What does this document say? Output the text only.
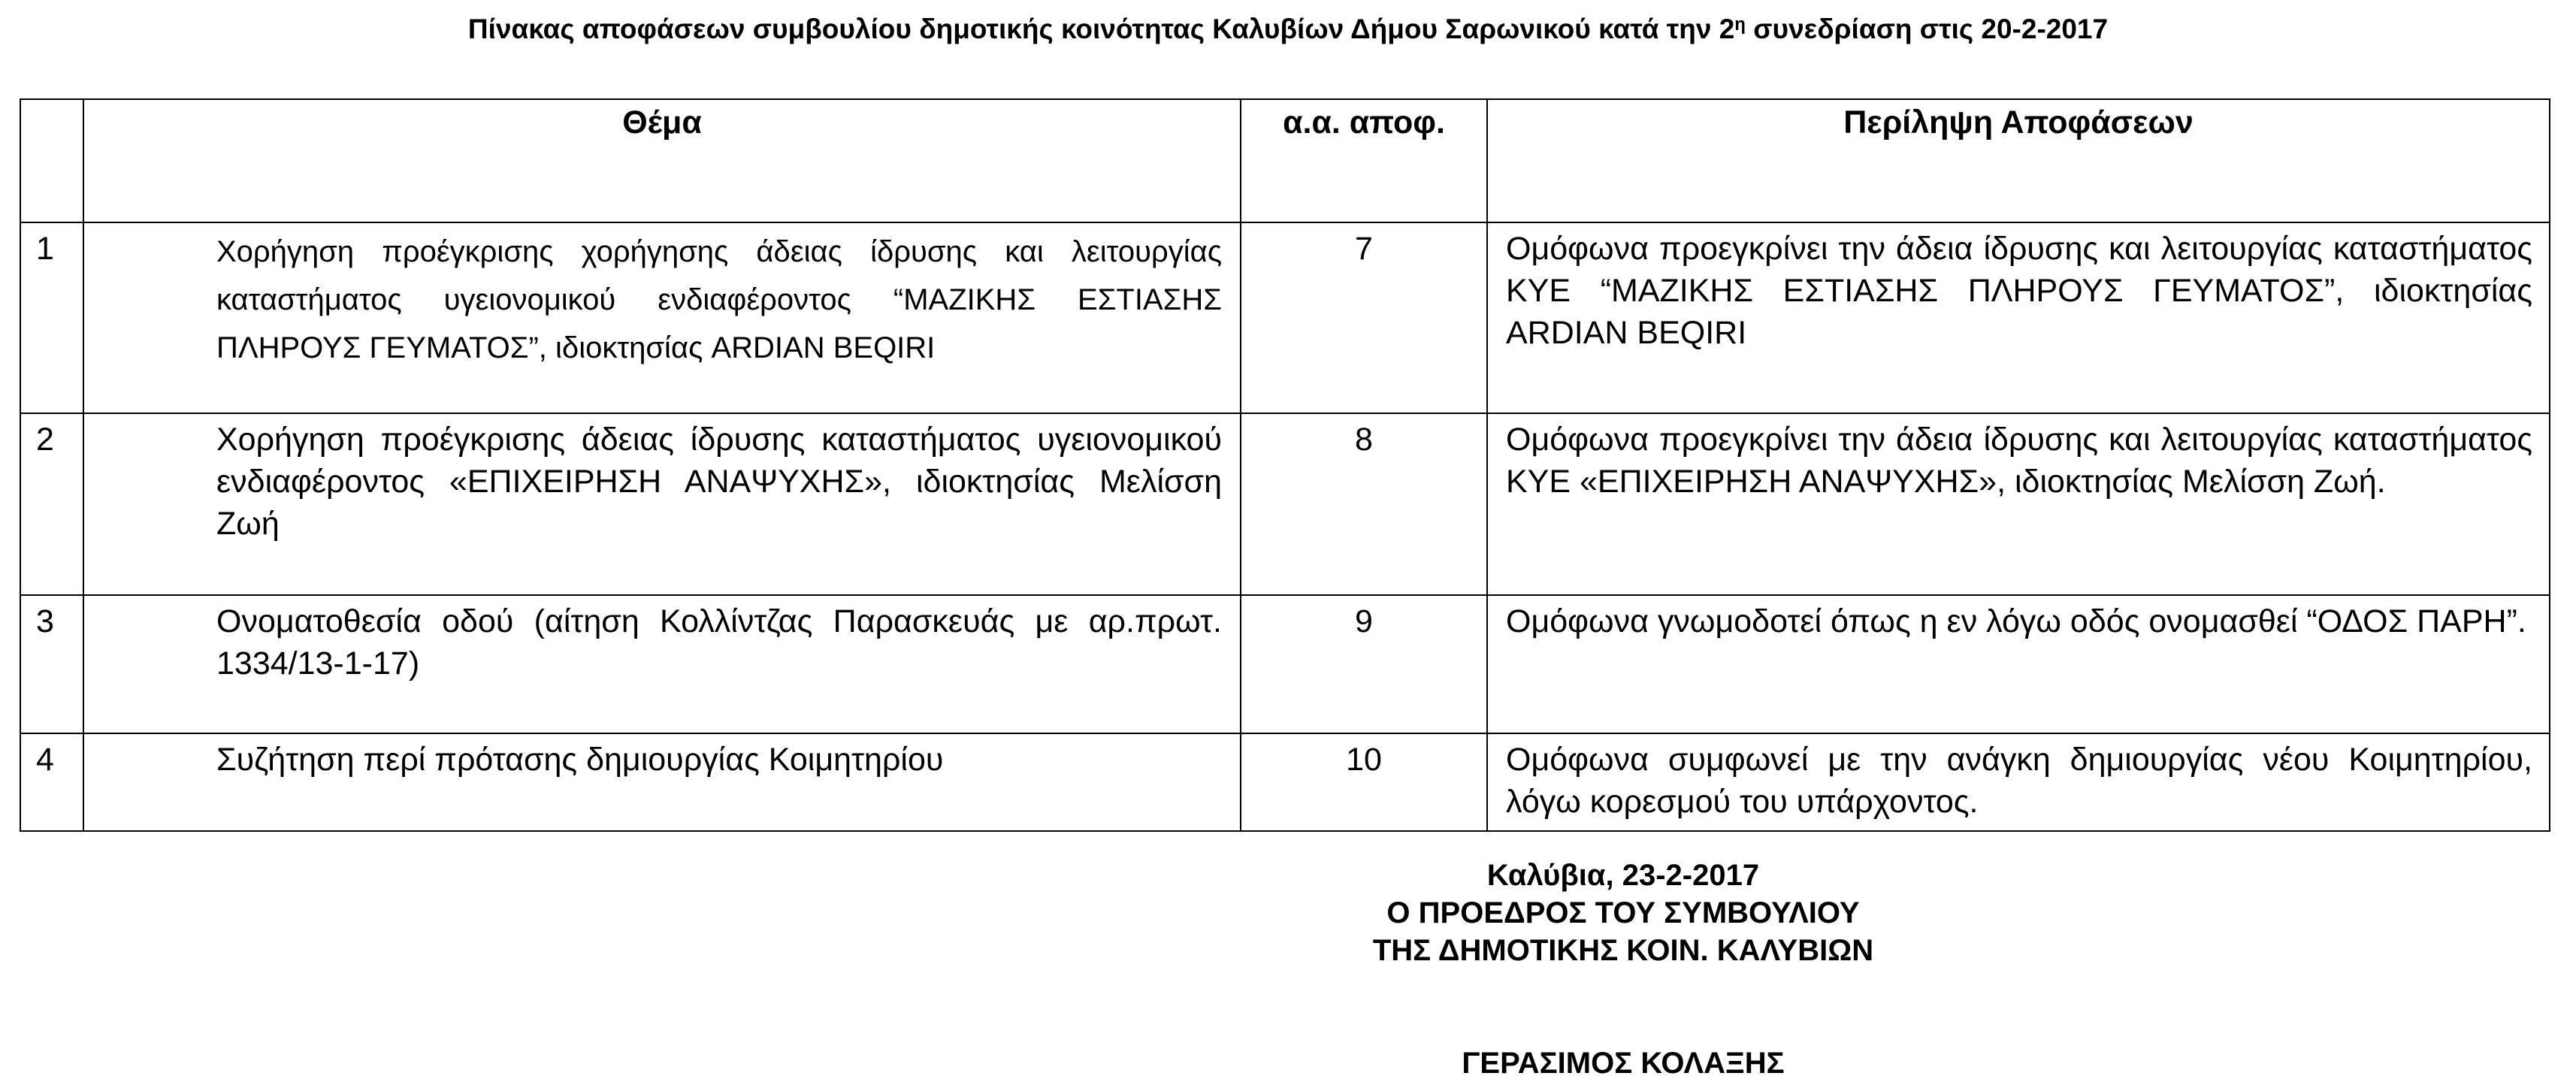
Πίνακας αποφάσεων συμβουλίου δημοτικής κοινότητας Καλυβίων Δήμου Σαρωνικού κατά την $2^\eta$ συνεδρίαση στις 20-2-2017
	Θέμα	α.α. αποφ.	Περίληψη Αποφάσεων
1	Χορήγηση προέγκρισης χορήγησης άδειας ίδρυσης και λειτουργίας καταστήματος υγειονομικού ενδιαφέροντος “ΜΑΖΙΚΗΣ ΕΣΤΙΑΣΗΣ ΠΛΗΡΟΥΣ ΓΕΥΜΑΤΟΣ”, ιδιοκτησίας ARDIAN BEQIRI	7	Ομόφωνα προεγκρίνει την άδεια ίδρυσης και λειτουργίας καταστήματος ΚΥΕ “ΜΑΖΙΚΗΣ ΕΣΤΙΑΣΗΣ ΠΛΗΡΟΥΣ ΓΕΥΜΑΤΟΣ”, ιδιοκτησίας ARDIAN BEQIRI
2	Χορήγηση προέγκρισης άδειας ίδρυσης καταστήματος υγειονομικού ενδιαφέροντος «ΕΠΙΧΕΙΡΗΣΗ ΑΝΑΨΥΧΗΣ», ιδιοκτησίας Μελίσση Ζωή	8	Ομόφωνα προεγκρίνει την άδεια ίδρυσης και λειτουργίας καταστήματος ΚΥΕ «ΕΠΙΧΕΙΡΗΣΗ ΑΝΑΨΥΧΗΣ», ιδιοκτησίας Μελίσση Ζωή.
3	Ονοματοθεσία οδού (αίτηση Κολλίντζας Παρασκευάς με αρ.πρωτ. 1334/13-1-17)	9	Ομόφωνα γνωμοδοτεί όπως η εν λόγω οδός ονομασθεί “ΟΔΟΣ ΠΑΡΗ”.
4	Συζήτηση περί πρότασης δημιουργίας Κοιμητηρίου	10	Ομόφωνα συμφωνεί με την ανάγκη δημιουργίας νέου Κοιμητηρίου, λόγω κορεσμού του υπάρχοντος.
Καλύβια, 23-2-2017
Ο ΠΡΟΕΔΡΟΣ ΤΟΥ ΣΥΜΒΟΥΛΙΟΥ
ΤΗΣ ΔΗΜΟΤΙΚΗΣ ΚΟΙΝ. ΚΑΛΥΒΙΩΝ
ΓΕΡΑΣΙΜΟΣ ΚΟΛΑΞΗΣ
